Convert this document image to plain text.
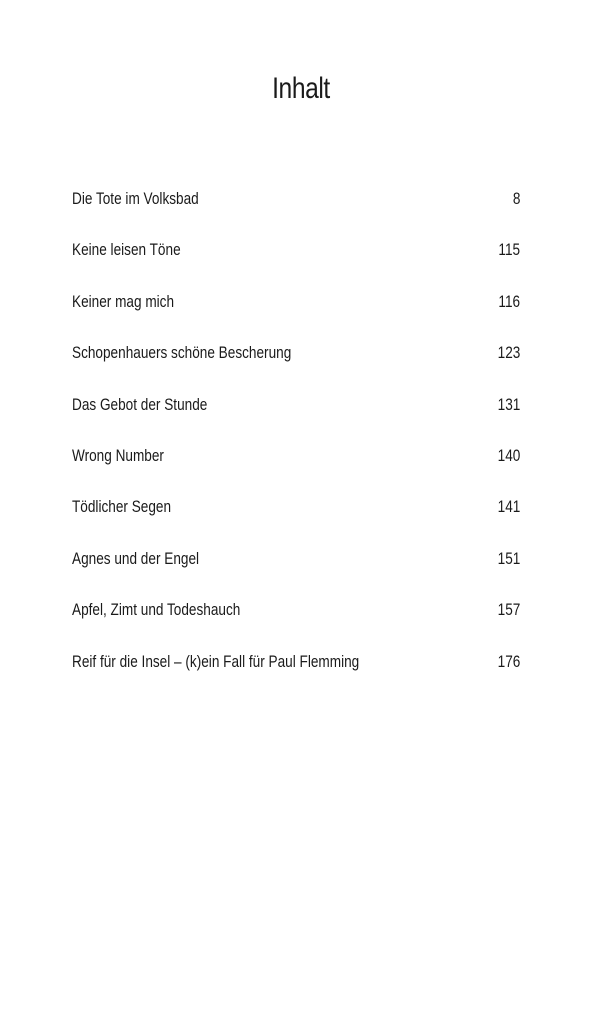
Inhalt
Die Tote im Volksbad	8
Keine leisen Töne	115
Keiner mag mich	116
Schopenhauers schöne Bescherung	123
Das Gebot der Stunde	131
Wrong Number	140
Tödlicher Segen	141
Agnes und der Engel	151
Apfel, Zimt und Todeshauch	157
Reif für die Insel – (k)ein Fall für Paul Flemming	176
